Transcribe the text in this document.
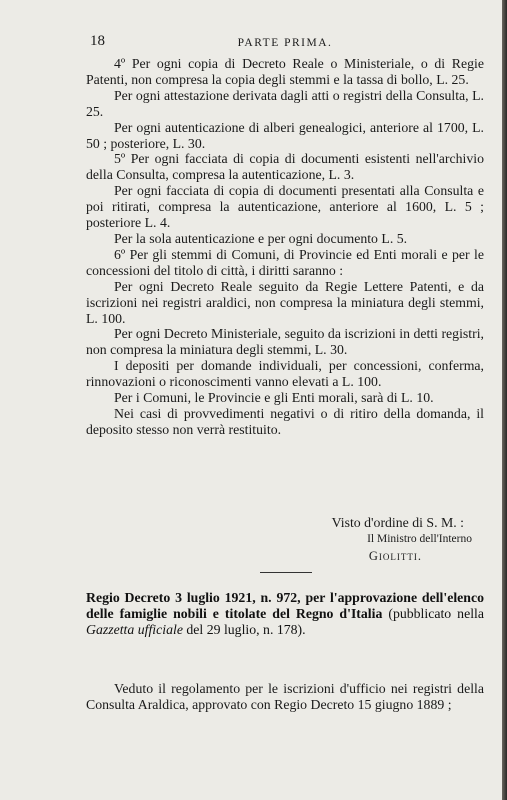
18	PARTE PRIMA.

4º Per ogni copia di Decreto Reale o Ministeriale, o di Regie Patenti, non compresa la copia degli stemmi e la tassa di bollo, L. 25.

Per ogni attestazione derivata dagli atti o registri della Consulta, L. 25.

Per ogni autenticazione di alberi genealogici, anteriore al 1700, L. 50 ; posteriore, L. 30.

5º Per ogni facciata di copia di documenti esistenti nell'archivio della Consulta, compresa la autenticazione, L. 3.

Per ogni facciata di copia di documenti presentati alla Consulta e poi ritirati, compresa la autenticazione, anteriore al 1600, L. 5 ; posteriore L. 4.

Per la sola autenticazione e per ogni documento L. 5.

6º Per gli stemmi di Comuni, di Provincie ed Enti morali e per le concessioni del titolo di città, i diritti saranno :

Per ogni Decreto Reale seguito da Regie Lettere Patenti, e da iscrizioni nei registri araldici, non compresa la miniatura degli stemmi, L. 100.

Per ogni Decreto Ministeriale, seguito da iscrizioni in detti registri, non compresa la miniatura degli stemmi, L. 30.

I depositi per domande individuali, per concessioni, conferma, rinnovazioni o riconoscimenti vanno elevati a L. 100.

Per i Comuni, le Provincie e gli Enti morali, sarà di L. 10.

Nei casi di provvedimenti negativi o di ritiro della domanda, il deposito stesso non verrà restituito.

Visto d'ordine di S. M. :
Il Ministro dell'Interno
Giolitti.
Regio Decreto 3 luglio 1921, n. 972, per l'approvazione dell'elenco delle famiglie nobili e titolate del Regno d'Italia (pubblicato nella Gazzetta ufficiale del 29 luglio, n. 178).

Veduto il regolamento per le iscrizioni d'ufficio nei registri della Consulta Araldica, approvato con Regio Decreto 15 giugno 1889 ;
